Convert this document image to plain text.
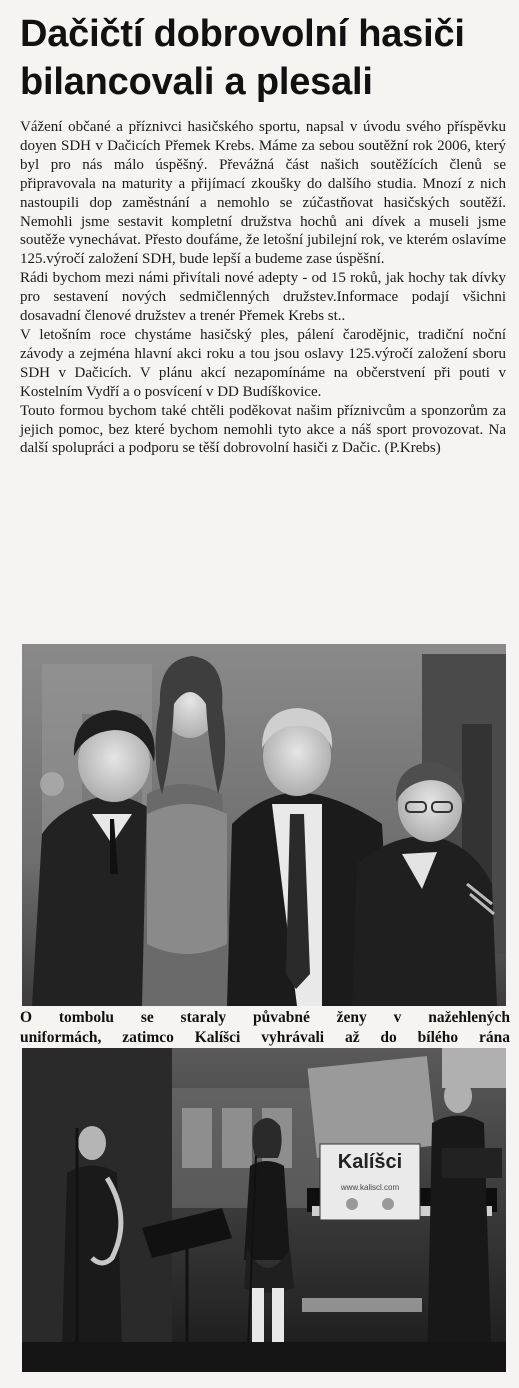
Dačičtí dobrovolní hasiči
bilancovali a plesali

Vážení občané a příznivci hasičského sportu, napsal v úvodu svého příspěvku doyen SDH v Dačicích Přemek Krebs. Máme za sebou soutěžní rok 2006, který byl pro nás málo úspěšný. Převážná část našich soutěžících členů se připravovala na maturity a přijímací zkoušky do dalšího studia. Mnozí z nich nastoupili dop zaměstnání a nemohlo se zúčastňovat hasičských soutěží. Nemohli jsme sestavit kompletní družstva hochů ani dívek a museli jsme soutěže vynechávat. Přesto doufáme, že letošní jubilejní rok, ve kterém oslavíme 125.výročí založení SDH, bude lepší a budeme zase úspěšní.

Rádi bychom mezi námi přivítali nové adepty - od 15 roků, jak hochy tak dívky pro sestavení nových sedmičlenných družstev.Informace podají všichni dosavadní členové družstev a trenér Přemek Krebs st..

V letošním roce chystáme hasičský ples, pálení čarodějnic, tradiční noční závody a zejména hlavní akci roku a tou jsou oslavy 125.výročí založení sboru SDH v Dačicích. V plánu akcí nezapomínáme na občerstvení při pouti v Kostelním Vydří a o posvícení v DD Budíškovice.

Touto formou bychom také chtěli poděkovat našim příznivcům a sponzorům za jejich pomoc, bez které bychom nemohli tyto akce a náš sport provozovat. Na další spolupráci a podporu se těší dobrovolní hasiči z Dačic. (P.Krebs)

O tombolu se staraly půvabné ženy v nažehlených
uniformách, zatimco Kalíšci vyhrávali až do bílého rána
Kalíšci
www.kaliscl.com
